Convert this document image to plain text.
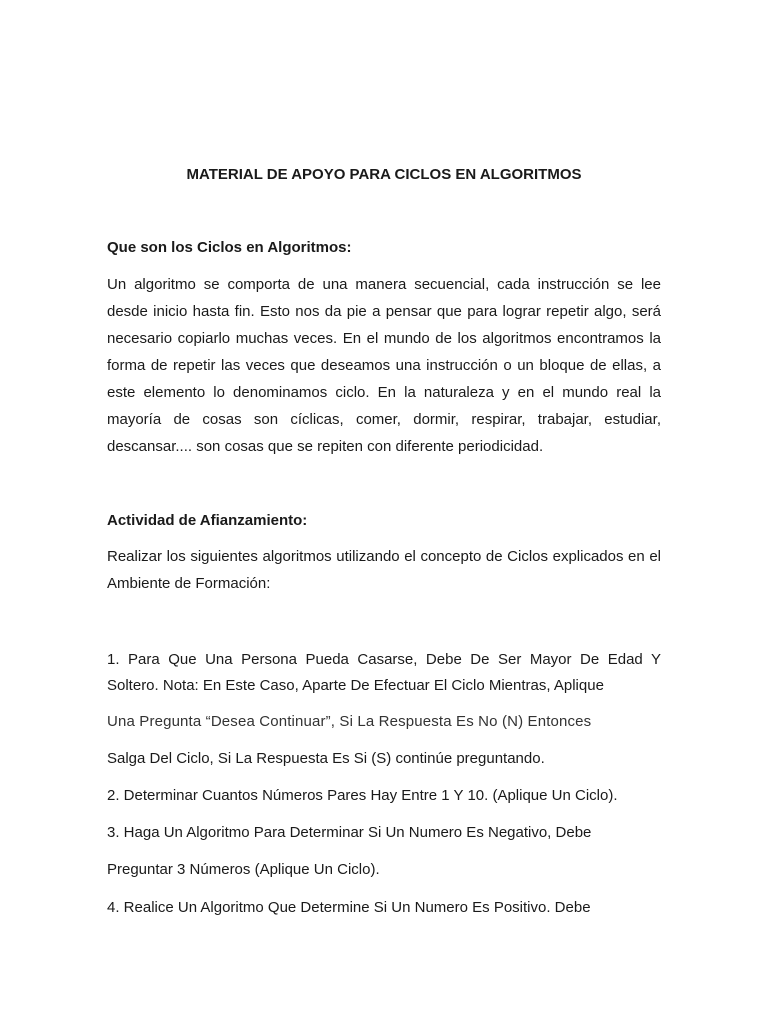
MATERIAL DE APOYO PARA CICLOS EN ALGORITMOS
Que son los Ciclos en Algoritmos:
Un algoritmo se comporta de una manera secuencial, cada instrucción se lee
desde inicio hasta fin. Esto nos da pie a pensar que para lograr repetir algo, será
necesario copiarlo muchas veces. En el mundo de los algoritmos encontramos la
forma de repetir las veces que deseamos una instrucción o un bloque de ellas, a
este elemento lo denominamos ciclo. En la naturaleza y en el mundo real la
mayoría de cosas son cíclicas, comer, dormir, respirar, trabajar, estudiar,
descansar.... son cosas que se repiten con diferente periodicidad.
Actividad de Afianzamiento:
Realizar los siguientes algoritmos utilizando el concepto de Ciclos explicados en el
Ambiente de Formación:
1. Para Que Una Persona Pueda Casarse, Debe De Ser Mayor De Edad Y
Soltero. Nota: En Este Caso, Aparte De Efectuar El Ciclo Mientras, Aplique
Una Pregunta “Desea Continuar”, Si La Respuesta Es No (N) Entonces
Salga Del Ciclo, Si La Respuesta Es Si (S) continúe preguntando.
2. Determinar Cuantos Números Pares Hay Entre 1 Y 10. (Aplique Un Ciclo).
3. Haga Un Algoritmo Para Determinar Si Un Numero Es Negativo, Debe
Preguntar 3 Números (Aplique Un Ciclo).
4. Realice Un Algoritmo Que Determine Si Un Numero Es Positivo. Debe
